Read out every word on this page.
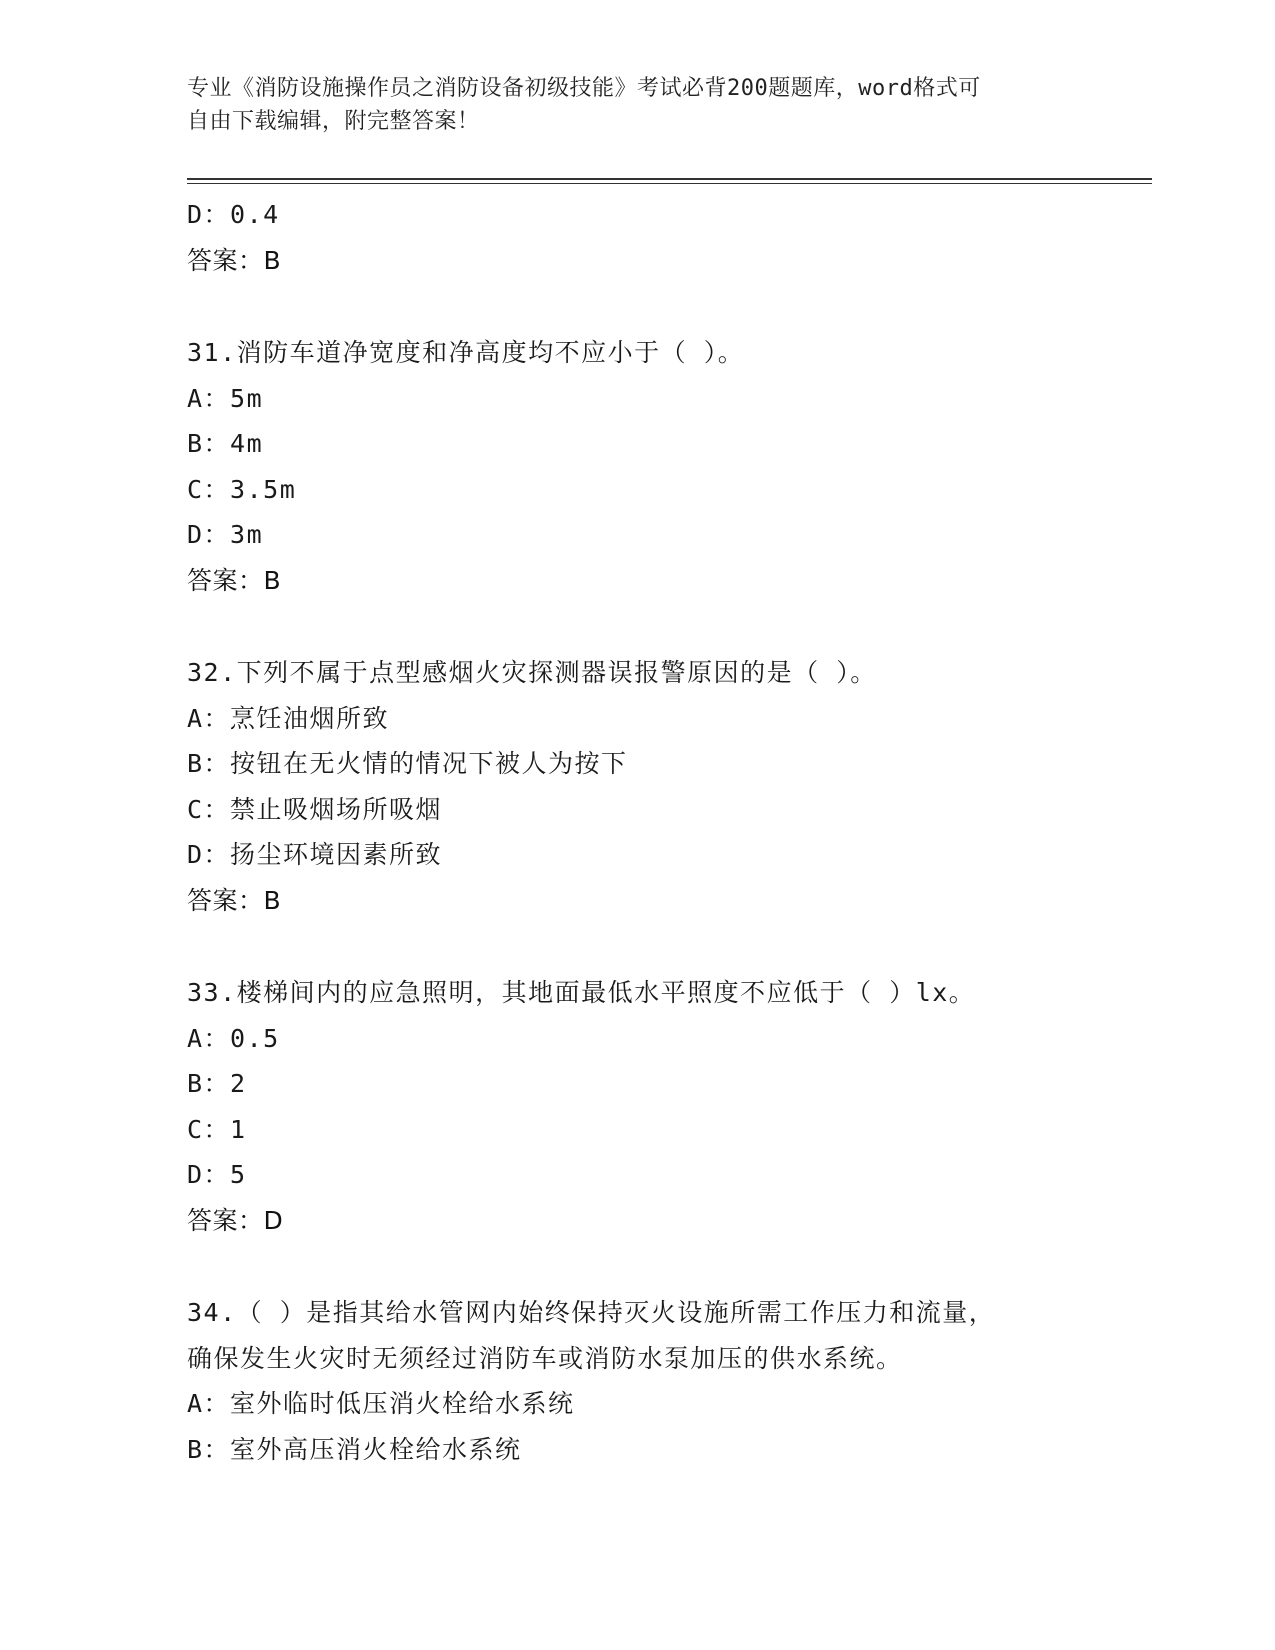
专业《消防设施操作员之消防设备初级技能》考试必背200题题库，word格式可
自由下载编辑，附完整答案！
D：0.4
答案：B
31.消防车道净宽度和净高度均不应小于（ ）。
A：5m
B：4m
C：3.5m
D：3m
答案：B
32.下列不属于点型感烟火灾探测器误报警原因的是（ ）。
A：烹饪油烟所致
B：按钮在无火情的情况下被人为按下
C：禁止吸烟场所吸烟
D：扬尘环境因素所致
答案：B
33.楼梯间内的应急照明，其地面最低水平照度不应低于（ ）lx。
A：0.5
B：2
C：1
D：5
答案：D
34.（ ）是指其给水管网内始终保持灭火设施所需工作压力和流量，
确保发生火灾时无须经过消防车或消防水泵加压的供水系统。
A：室外临时低压消火栓给水系统
B：室外高压消火栓给水系统
